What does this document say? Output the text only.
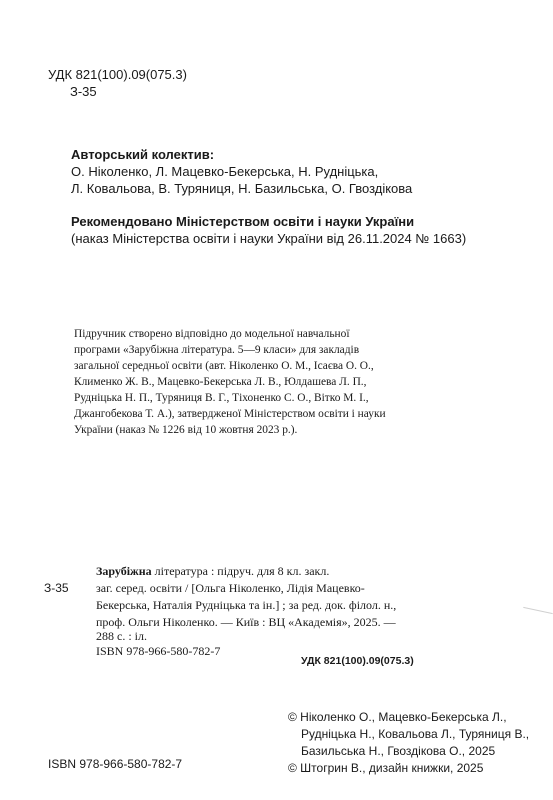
УДК 821(100).09(075.3)
З-35
Авторський колектив:
О. Ніколенко, Л. Мацевко-Бекерська, Н. Рудніцька,
Л. Ковальова, В. Туряниця, Н. Базильська, О. Гвоздікова
Рекомендовано Міністерством освіти і науки України
(наказ Міністерства освіти і науки України від 26.11.2024 № 1663)
Підручник створено відповідно до модельної навчальної
програми «Зарубіжна література. 5—9 класи» для закладів
загальної середньої освіти (авт. Ніколенко О. М., Ісаєва О. О.,
Клименко Ж. В., Мацевко-Бекерська Л. В., Юлдашева Л. П.,
Рудніцька Н. П., Туряниця В. Г., Тіхоненко С. О., Вітко М. І.,
Джангобекова Т. А.), затвердженої Міністерством освіти і науки
України (наказ № 1226 від 10 жовтня 2023 р.).
З-35
Зарубіжна література : підруч. для 8 кл. закл.
заг. серед. освіти / [Ольга Ніколенко, Лідія Мацевко-
Бекерська, Наталія Рудніцька та ін.] ; за ред. док. філол. н.,
проф. Ольги Ніколенко. — Київ : ВЦ «Академія», 2025. —
288 с. : іл.
ISBN 978-966-580-782-7
УДК 821(100).09(075.3)
© Ніколенко О., Мацевко-Бекерська Л.,
Рудніцька Н., Ковальова Л., Туряниця В.,
Базильська Н., Гвоздікова О., 2025
© Штогрин В., дизайн книжки, 2025
ISBN 978-966-580-782-7
